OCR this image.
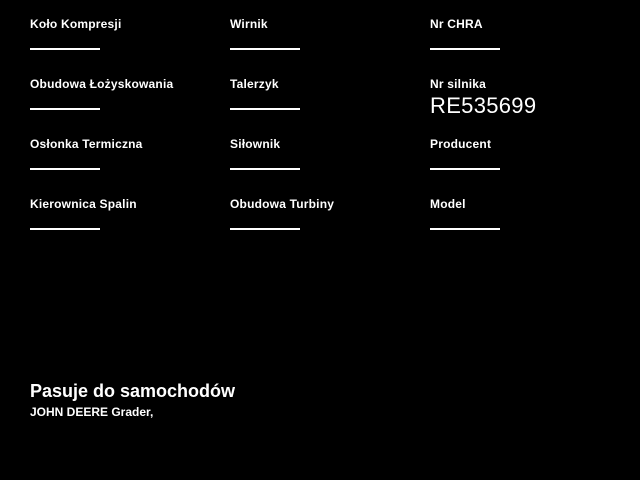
Koło Kompresji	Wirnik	Nr CHRA
Obudowa Łożyskowania	Talerzyk	Nr silnika
RE535699
Osłonka Termiczna	Siłownik	Producent
Kierownica Spalin	Obudowa Turbiny	Model
Pasuje do samochodów
JOHN DEERE Grader,
